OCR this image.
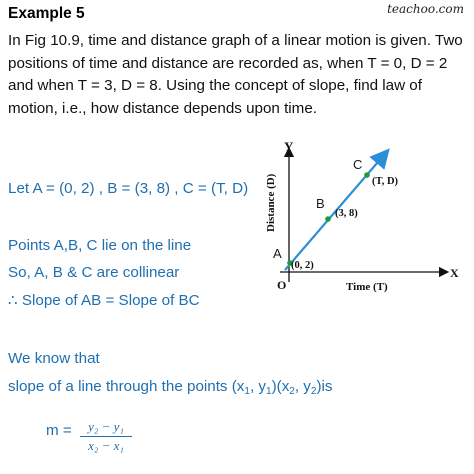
Example 5	teachoo.com
In Fig 10.9, time and distance graph of a linear motion is given. Two positions of time and distance are recorded as, when T = 0, D = 2 and when T = 3, D = 8. Using the concept of slope, find law of motion, i.e., how distance depends upon time.
Let A = (0, 2) , B = (3, 8) , C = (T, D)
Points A,B, C lie on the line
So, A, B & C are collinear
∴ Slope of AB = Slope of BC
We know that
slope of a line through the points ($x_1$, $y_1)(x_2$, $y_2)is$
m =	y₂ − y₁
x₂ − x₁
Y
X
O	Time (T)
Distance (D)
A
B
C
(0, 2)
(3, 8)
(T, D)
